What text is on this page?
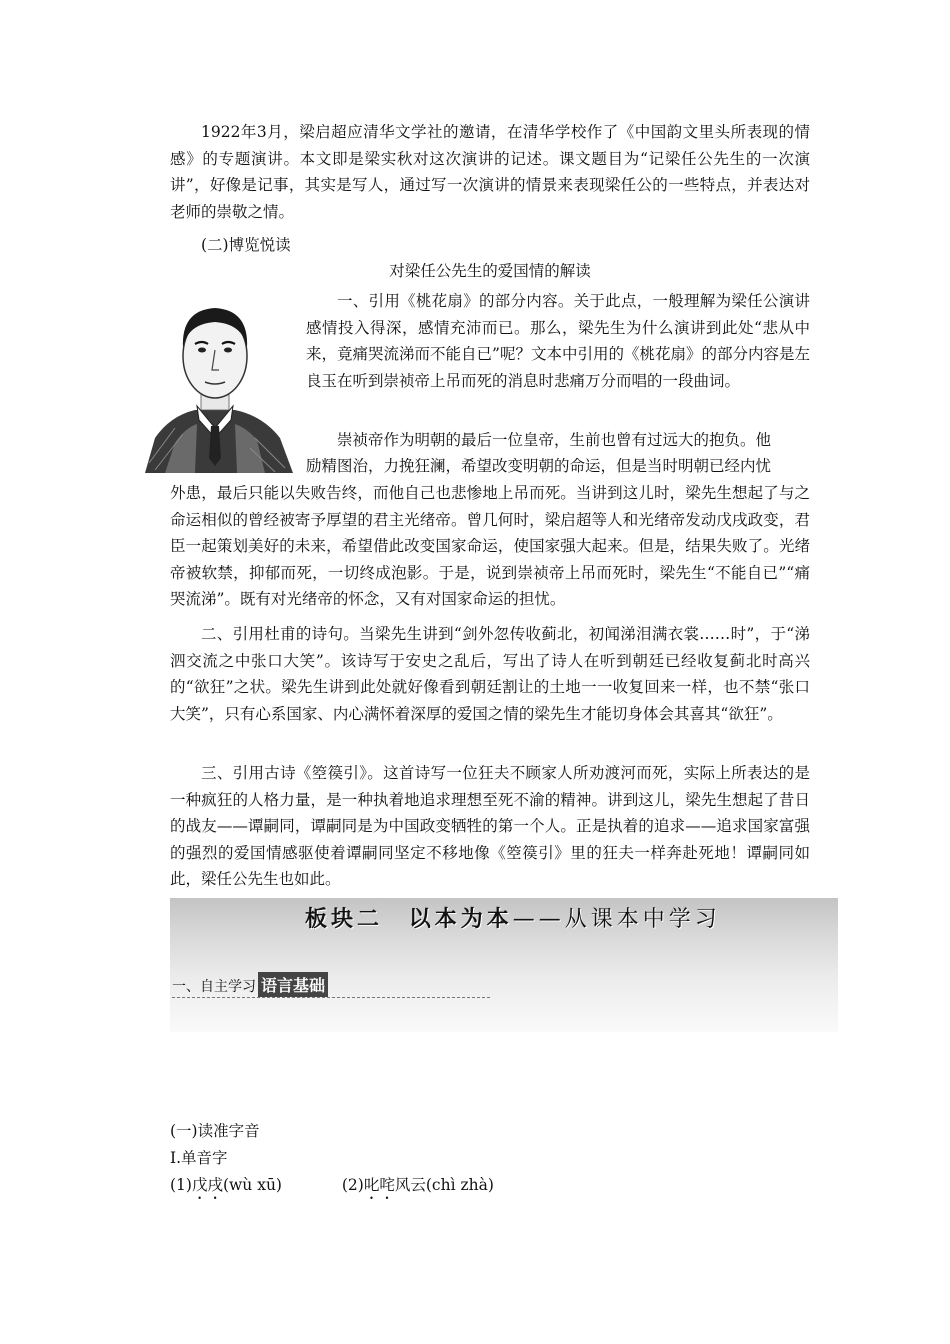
1922年3月，梁启超应清华文学社的邀请，在清华学校作了《中国韵文里头所表现的情感》的专题演讲。本文即是梁实秋对这次演讲的记述。课文题目为“记梁任公先生的一次演讲”，好像是记事，其实是写人，通过写一次演讲的情景来表现梁任公的一些特点，并表达对老师的崇敬之情。

(二)博览悦读
对梁任公先生的爱国情的解读

一、引用《桃花扇》的部分内容。关于此点，一般理解为梁任公演讲感情投入得深，感情充沛而已。那么，梁先生为什么演讲到此处“悲从中来，竟痛哭流涕而不能自已”呢？文本中引用的《桃花扇》的部分内容是左良玉在听到崇祯帝上吊而死的消息时悲痛万分而唱的一段曲词。

崇祯帝作为明朝的最后一位皇帝，生前也曾有过远大的抱负。他
励精图治，力挽狂澜，希望改变明朝的命运，但是当时明朝已经内忧

外患，最后只能以失败告终，而他自己也悲惨地上吊而死。当讲到这儿时，梁先生想起了与之命运相似的曾经被寄予厚望的君主光绪帝。曾几何时，梁启超等人和光绪帝发动戊戌政变，君臣一起策划美好的未来，希望借此改变国家命运，使国家强大起来。但是，结果失败了。光绪帝被软禁，抑郁而死，一切终成泡影。于是，说到崇祯帝上吊而死时，梁先生“不能自已”“痛哭流涕”。既有对光绪帝的怀念，又有对国家命运的担忧。

二、引用杜甫的诗句。当梁先生讲到“剑外忽传收蓟北，初闻涕泪满衣裳……时”，于“涕泗交流之中张口大笑”。该诗写于安史之乱后，写出了诗人在听到朝廷已经收复蓟北时高兴的“欲狂”之状。梁先生讲到此处就好像看到朝廷割让的土地一一收复回来一样，也不禁“张口大笑”，只有心系国家、内心满怀着深厚的爱国之情的梁先生才能切身体会其喜其“欲狂”。

三、引用古诗《箜篌引》。这首诗写一位狂夫不顾家人所劝渡河而死，实际上所表达的是一种疯狂的人格力量，是一种执着地追求理想至死不渝的精神。讲到这儿，梁先生想起了昔日的战友——谭嗣同，谭嗣同是为中国政变牺牲的第一个人。正是执着的追求——追求国家富强的强烈的爱国情感驱使着谭嗣同坚定不移地像《箜篌引》里的狂夫一样奔赴死地！谭嗣同如此，梁任公先生也如此。

板块二 以本为本——从课本中学习
一、自主学习 语言基础
(一)读准字音
Ⅰ.单音字
(1)戊戌(wù xū)	(2)叱咤风云(chì zhà)
